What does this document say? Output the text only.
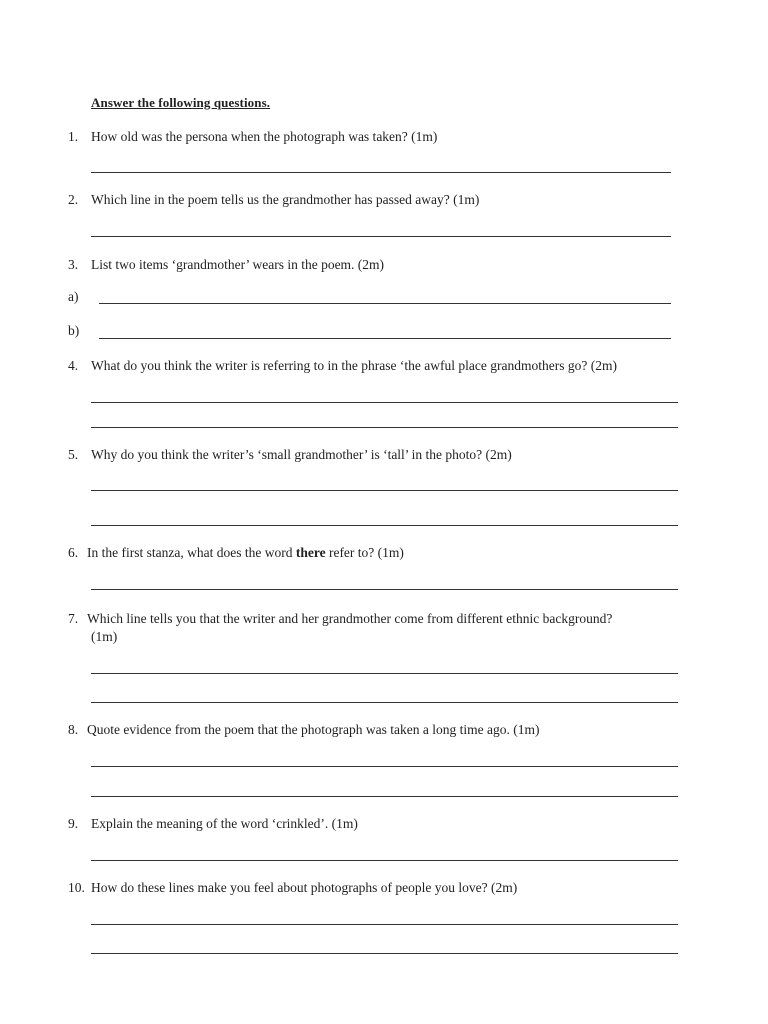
Answer the following questions.
1. How old was the persona when the photograph was taken? (1m)
2. Which line in the poem tells us the grandmother has passed away? (1m)
3. List two items ‘grandmother’ wears in the poem. (2m)
a)
b)
4. What do you think the writer is referring to in the phrase ‘the awful place grandmothers go? (2m)
5. Why do you think the writer’s ‘small grandmother’ is ‘tall’ in the photo? (2m)
6. In the first stanza, what does the word there refer to? (1m)
7. Which line tells you that the writer and her grandmother come from different ethnic background?
(1m)
8. Quote evidence from the poem that the photograph was taken a long time ago. (1m)
9. Explain the meaning of the word ‘crinkled’. (1m)
10. How do these lines make you feel about photographs of people you love? (2m)
